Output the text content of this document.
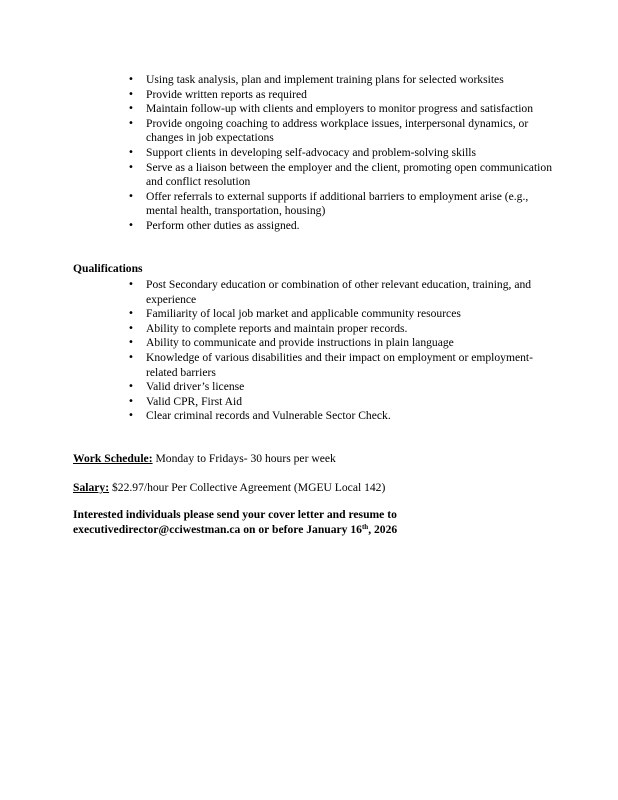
• Using task analysis, plan and implement training plans for selected worksites
• Provide written reports as required
• Maintain follow-up with clients and employers to monitor progress and satisfaction
• Provide ongoing coaching to address workplace issues, interpersonal dynamics, or changes in job expectations
• Support clients in developing self-advocacy and problem-solving skills
• Serve as a liaison between the employer and the client, promoting open communication and conflict resolution
• Offer referrals to external supports if additional barriers to employment arise (e.g., mental health, transportation, housing)
• Perform other duties as assigned.
Qualifications
• Post Secondary education or combination of other relevant education, training, and experience
• Familiarity of local job market and applicable community resources
• Ability to complete reports and maintain proper records.
• Ability to communicate and provide instructions in plain language
• Knowledge of various disabilities and their impact on employment or employment-related barriers
• Valid driver’s license
• Valid CPR, First Aid
• Clear criminal records and Vulnerable Sector Check.
Work Schedule: Monday to Fridays- 30 hours per week
Salary: $22.97/hour Per Collective Agreement (MGEU Local 142)
Interested individuals please send your cover letter and resume to
executivedirector@cciwestman.ca on or before January 16th, 2026
